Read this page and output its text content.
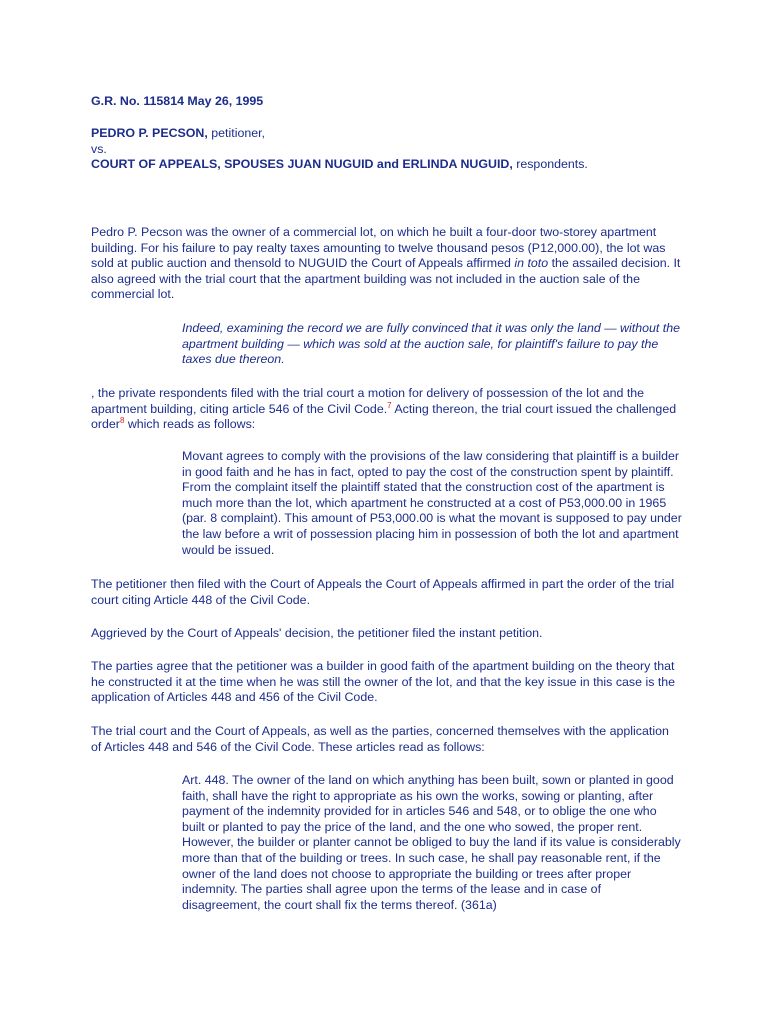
G.R. No. 115814 May 26, 1995

PEDRO P. PECSON, petitioner,

vs.

COURT OF APPEALS, SPOUSES JUAN NUGUID and ERLINDA NUGUID, respondents.

Pedro P. Pecson was the owner of a commercial lot, on which he built a four-door two-storey apartment building. For his failure to pay realty taxes amounting to twelve thousand pesos (P12,000.00), the lot was sold at public auction and thensold to NUGUID the Court of Appeals affirmed in toto the assailed decision. It also agreed with the trial court that the apartment building was not included in the auction sale of the commercial lot.

Indeed, examining the record we are fully convinced that it was only the land — without the apartment building — which was sold at the auction sale, for plaintiff's failure to pay the taxes due thereon.

, the private respondents filed with the trial court a motion for delivery of possession of the lot and the apartment building, citing article 546 of the Civil Code.$^7$ Acting thereon, the trial court issued the challenged order$^8$ which reads as follows:

Movant agrees to comply with the provisions of the law considering that plaintiff is a builder in good faith and he has in fact, opted to pay the cost of the construction spent by plaintiff. From the complaint itself the plaintiff stated that the construction cost of the apartment is much more than the lot, which apartment he constructed at a cost of P53,000.00 in 1965 (par. 8 complaint). This amount of P53,000.00 is what the movant is supposed to pay under the law before a writ of possession placing him in possession of both the lot and apartment would be issued.

The petitioner then filed with the Court of Appeals the Court of Appeals affirmed in part the order of the trial court citing Article 448 of the Civil Code.

Aggrieved by the Court of Appeals' decision, the petitioner filed the instant petition.

The parties agree that the petitioner was a builder in good faith of the apartment building on the theory that he constructed it at the time when he was still the owner of the lot, and that the key issue in this case is the application of Articles 448 and 456 of the Civil Code.

The trial court and the Court of Appeals, as well as the parties, concerned themselves with the application of Articles 448 and 546 of the Civil Code. These articles read as follows:

Art. 448. The owner of the land on which anything has been built, sown or planted in good faith, shall have the right to appropriate as his own the works, sowing or planting, after payment of the indemnity provided for in articles 546 and 548, or to oblige the one who built or planted to pay the price of the land, and the one who sowed, the proper rent. However, the builder or planter cannot be obliged to buy the land if its value is considerably more than that of the building or trees. In such case, he shall pay reasonable rent, if the owner of the land does not choose to appropriate the building or trees after proper indemnity. The parties shall agree upon the terms of the lease and in case of disagreement, the court shall fix the terms thereof. (361a)
